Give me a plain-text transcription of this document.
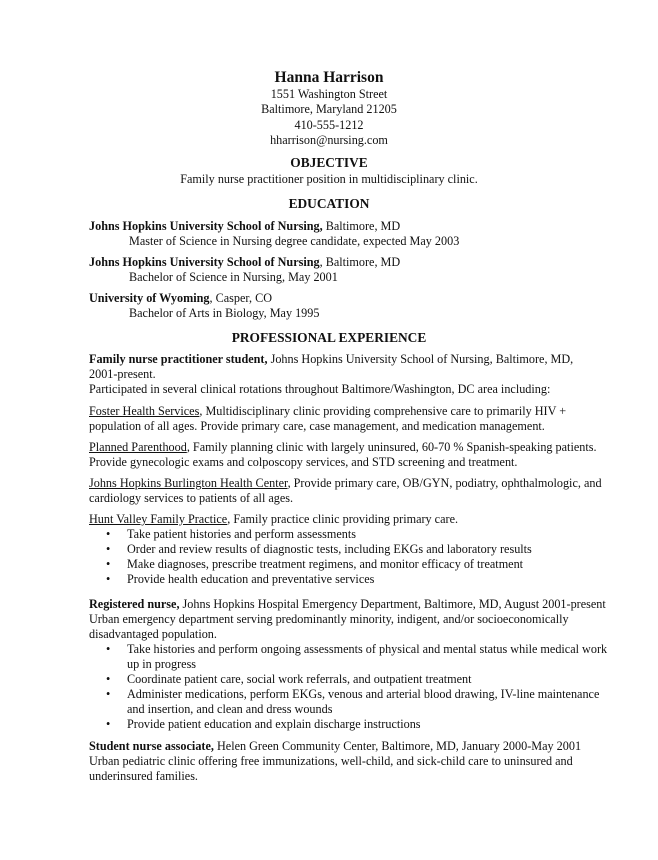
Hanna Harrison
1551 Washington Street
Baltimore, Maryland 21205
410-555-1212
hharrison@nursing.com
OBJECTIVE
Family nurse practitioner position in multidisciplinary clinic.
EDUCATION
Johns Hopkins University School of Nursing, Baltimore, MD
Master of Science in Nursing degree candidate, expected May 2003
Johns Hopkins University School of Nursing, Baltimore, MD
Bachelor of Science in Nursing, May 2001
University of Wyoming, Casper, CO
Bachelor of Arts in Biology, May 1995
PROFESSIONAL EXPERIENCE
Family nurse practitioner student, Johns Hopkins University School of Nursing, Baltimore, MD,
2001-present.
Participated in several clinical rotations throughout Baltimore/Washington, DC area including:
Foster Health Services, Multidisciplinary clinic providing comprehensive care to primarily HIV +
population of all ages. Provide primary care, case management, and medication management.
Planned Parenthood, Family planning clinic with largely uninsured, 60-70 % Spanish-speaking patients.
Provide gynecologic exams and colposcopy services, and STD screening and treatment.
Johns Hopkins Burlington Health Center, Provide primary care, OB/GYN, podiatry, ophthalmologic, and
cardiology services to patients of all ages.
Hunt Valley Family Practice, Family practice clinic providing primary care.
• Take patient histories and perform assessments
• Order and review results of diagnostic tests, including EKGs and laboratory results
• Make diagnoses, prescribe treatment regimens, and monitor efficacy of treatment
• Provide health education and preventative services
Registered nurse, Johns Hopkins Hospital Emergency Department, Baltimore, MD, August 2001-present
Urban emergency department serving predominantly minority, indigent, and/or socioeconomically
disadvantaged population.
• Take histories and perform ongoing assessments of physical and mental status while medical work
up in progress
• Coordinate patient care, social work referrals, and outpatient treatment
• Administer medications, perform EKGs, venous and arterial blood drawing, IV-line maintenance
and insertion, and clean and dress wounds
• Provide patient education and explain discharge instructions
Student nurse associate, Helen Green Community Center, Baltimore, MD, January 2000-May 2001
Urban pediatric clinic offering free immunizations, well-child, and sick-child care to uninsured and
underinsured families.
